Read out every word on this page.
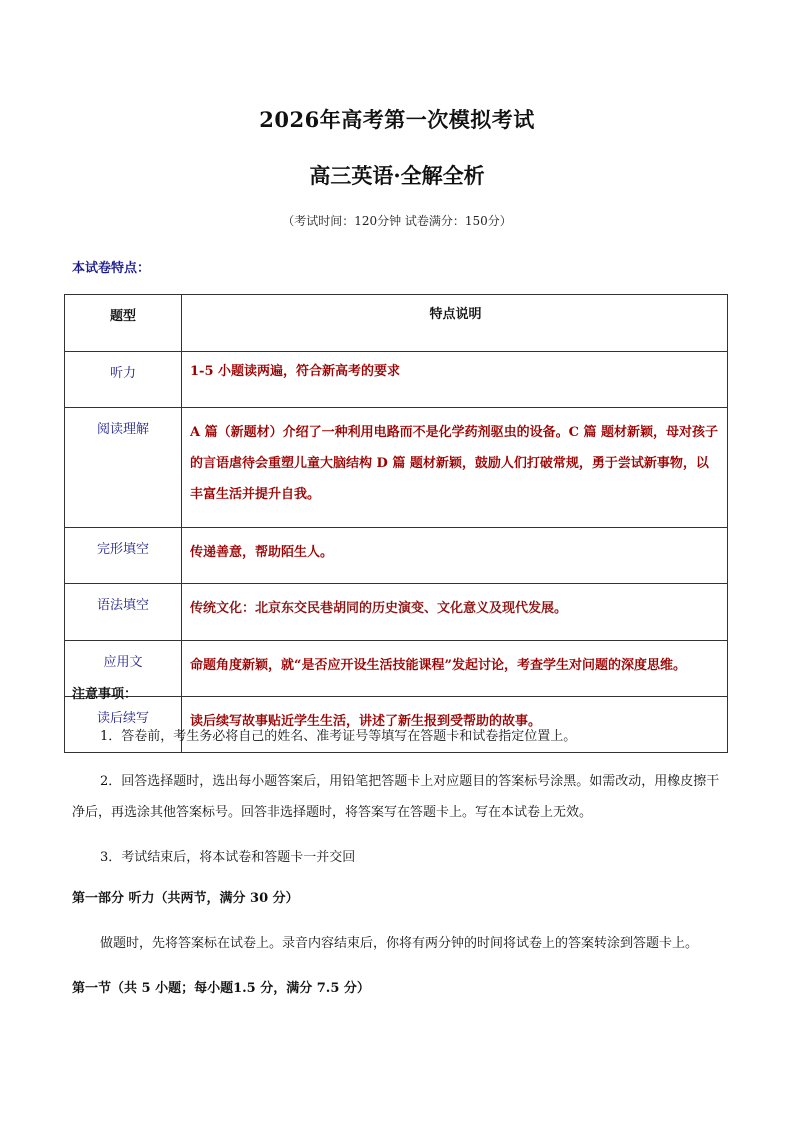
2026年高考第一次模拟考试
高三英语·全解全析
（考试时间：120分钟 试卷满分：150分）
本试卷特点：
题型	特点说明
听力	1-5 小题读两遍，符合新高考的要求
阅读理解	A 篇（新题材）介绍了一种利用电路而不是化学药剂驱虫的设备。C 篇 题材新颖，母对孩子的言语虐待会重塑儿童大脑结构 D 篇 题材新颖，鼓励人们打破常规，勇于尝试新事物，以丰富生活并提升自我。
完形填空	传递善意，帮助陌生人。
语法填空	传统文化：北京东交民巷胡同的历史演变、文化意义及现代发展。
应用文	命题角度新颖，就“是否应开设生活技能课程”发起讨论，考查学生对问题的深度思维。
读后续写	读后续写故事贴近学生生活，讲述了新生报到受帮助的故事。
注意事项：
1．答卷前，考生务必将自己的姓名、准考证号等填写在答题卡和试卷指定位置上。
2．回答选择题时，选出每小题答案后，用铅笔把答题卡上对应题目的答案标号涂黑。如需改动，用橡皮擦干净后，再选涂其他答案标号。回答非选择题时，将答案写在答题卡上。写在本试卷上无效。
3．考试结束后，将本试卷和答题卡一并交回
第一部分 听力（共两节，满分 30 分）
做题时，先将答案标在试卷上。录音内容结束后，你将有两分钟的时间将试卷上的答案转涂到答题卡上。
第一节（共 5 小题；每小题1.5 分，满分 7.5 分）
